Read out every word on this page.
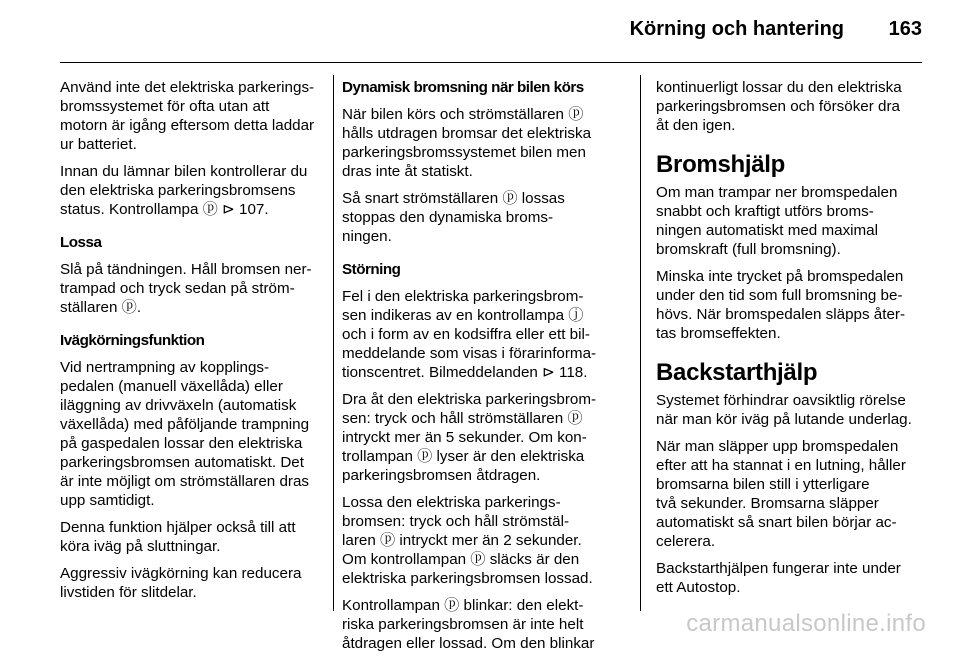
Körning och hantering 163

Använd inte det elektriska parkerings-
bromssystemet för ofta utan att
motorn är igång eftersom detta laddar
ur batteriet.

Innan du lämnar bilen kontrollerar du
den elektriska parkeringsbromsens
status. Kontrollampa ⓟ ⊳ 107.

Lossa

Slå på tändningen. Håll bromsen ner-
trampad och tryck sedan på ström-
ställaren ⓟ.

Ivägkörningsfunktion

Vid nertrampning av kopplings-
pedalen (manuell växellåda) eller
iläggning av drivväxeln (automatisk
växellåda) med påföljande trampning
på gaspedalen lossar den elektriska
parkeringsbromsen automatiskt. Det
är inte möjligt om strömställaren dras
upp samtidigt.

Denna funktion hjälper också till att
köra iväg på sluttningar.

Aggressiv ivägkörning kan reducera
livstiden för slitdelar.

Dynamisk bromsning när bilen körs

När bilen körs och strömställaren ⓟ
hålls utdragen bromsar det elektriska
parkeringsbromssystemet bilen men
dras inte åt statiskt.

Så snart strömställaren ⓟ lossas
stoppas den dynamiska broms-
ningen.

Störning

Fel i den elektriska parkeringsbrom-
sen indikeras av en kontrollampa ⓙ
och i form av en kodsiffra eller ett bil-
meddelande som visas i förarinforma-
tionscentret. Bilmeddelanden ⊳ 118.

Dra åt den elektriska parkeringsbrom-
sen: tryck och håll strömställaren ⓟ
intryckt mer än 5 sekunder. Om kon-
trollampan ⓟ lyser är den elektriska
parkeringsbromsen åtdragen.

Lossa den elektriska parkerings-
bromsen: tryck och håll strömstäl-
laren ⓟ intryckt mer än 2 sekunder.
Om kontrollampan ⓟ släcks är den
elektriska parkeringsbromsen lossad.

Kontrollampan ⓟ blinkar: den elekt-
riska parkeringsbromsen är inte helt
åtdragen eller lossad. Om den blinkar

kontinuerligt lossar du den elektriska
parkeringsbromsen och försöker dra
åt den igen.

Bromshjälp

Om man trampar ner bromspedalen
snabbt och kraftigt utförs broms-
ningen automatiskt med maximal
bromskraft (full bromsning).

Minska inte trycket på bromspedalen
under den tid som full bromsning be-
hövs. När bromspedalen släpps åter-
tas bromseffekten.

Backstarthjälp

Systemet förhindrar oavsiktlig rörelse
när man kör iväg på lutande underlag.

När man släpper upp bromspedalen
efter att ha stannat i en lutning, håller
bromsarna bilen still i ytterligare
två sekunder. Bromsarna släpper
automatiskt så snart bilen börjar ac-
celerera.

Backstarthjälpen fungerar inte under
ett Autostop.

carmanualsonline.info
